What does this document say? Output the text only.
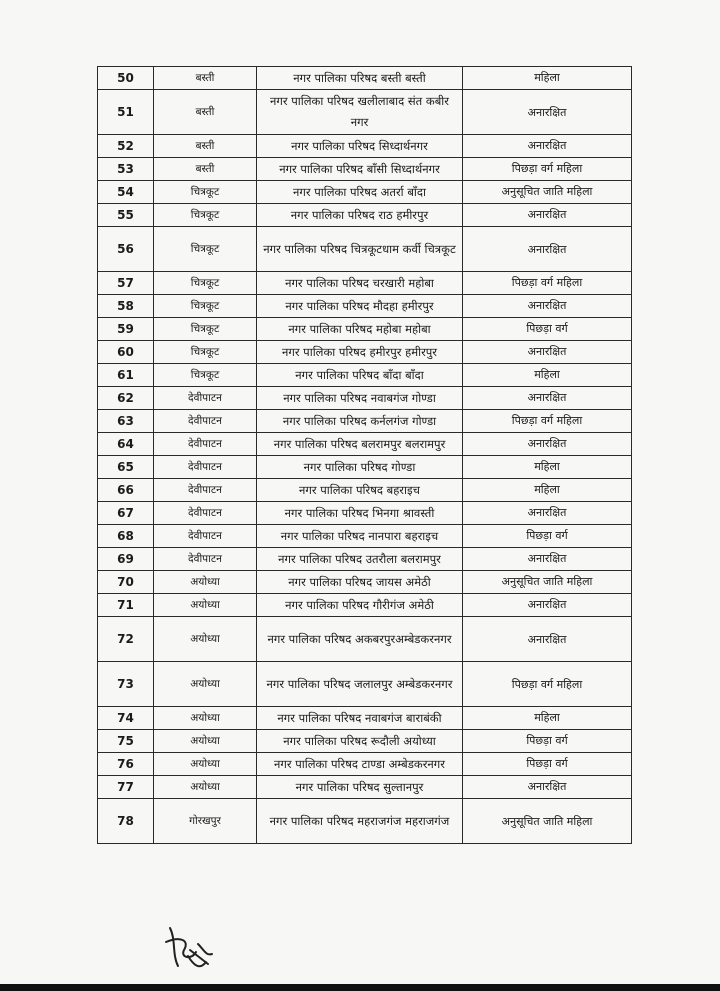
50	बस्ती	नगर पालिका परिषद बस्ती बस्ती	महिला
51	बस्ती	नगर पालिका परिषद खलीलाबाद संत कबीर नगर	अनारक्षित
52	बस्ती	नगर पालिका परिषद सिध्दार्थनगर	अनारक्षित
53	बस्ती	नगर पालिका परिषद बाँसी सिध्दार्थनगर	पिछड़ा वर्ग महिला
54	चित्रकूट	नगर पालिका परिषद अतर्रा बाँदा	अनुसूचित जाति महिला
55	चित्रकूट	नगर पालिका परिषद राठ हमीरपुर	अनारक्षित
56	चित्रकूट	नगर पालिका परिषद चित्रकूटधाम कर्वी चित्रकूट	अनारक्षित
57	चित्रकूट	नगर पालिका परिषद चरखारी महोबा	पिछड़ा वर्ग महिला
58	चित्रकूट	नगर पालिका परिषद मौदहा हमीरपुर	अनारक्षित
59	चित्रकूट	नगर पालिका परिषद महोबा महोबा	पिछड़ा वर्ग
60	चित्रकूट	नगर पालिका परिषद हमीरपुर हमीरपुर	अनारक्षित
61	चित्रकूट	नगर पालिका परिषद बाँदा बाँदा	महिला
62	देवीपाटन	नगर पालिका परिषद नवाबगंज गोण्डा	अनारक्षित
63	देवीपाटन	नगर पालिका परिषद कर्नलगंज गोण्डा	पिछड़ा वर्ग महिला
64	देवीपाटन	नगर पालिका परिषद बलरामपुर बलरामपुर	अनारक्षित
65	देवीपाटन	नगर पालिका परिषद गोण्डा	महिला
66	देवीपाटन	नगर पालिका परिषद बहराइच	महिला
67	देवीपाटन	नगर पालिका परिषद भिनगा श्रावस्ती	अनारक्षित
68	देवीपाटन	नगर पालिका परिषद नानपारा बहराइच	पिछड़ा वर्ग
69	देवीपाटन	नगर पालिका परिषद उतरौला बलरामपुर	अनारक्षित
70	अयोध्या	नगर पालिका परिषद जायस अमेठी	अनुसूचित जाति महिला
71	अयोध्या	नगर पालिका परिषद गौरीगंज अमेठी	अनारक्षित
72	अयोध्या	नगर पालिका परिषद अकबरपुरअम्बेडकरनगर	अनारक्षित
73	अयोध्या	नगर पालिका परिषद जलालपुर अम्बेडकरनगर	पिछड़ा वर्ग महिला
74	अयोध्या	नगर पालिका परिषद नवाबगंज बाराबंकी	महिला
75	अयोध्या	नगर पालिका परिषद रूदौली अयोध्या	पिछड़ा वर्ग
76	अयोध्या	नगर पालिका परिषद टाण्डा अम्बेडकरनगर	पिछड़ा वर्ग
77	अयोध्या	नगर पालिका परिषद सुल्तानपुर	अनारक्षित
78	गोरखपुर	नगर पालिका परिषद महराजगंज महराजगंज	अनुसूचित जाति महिला
